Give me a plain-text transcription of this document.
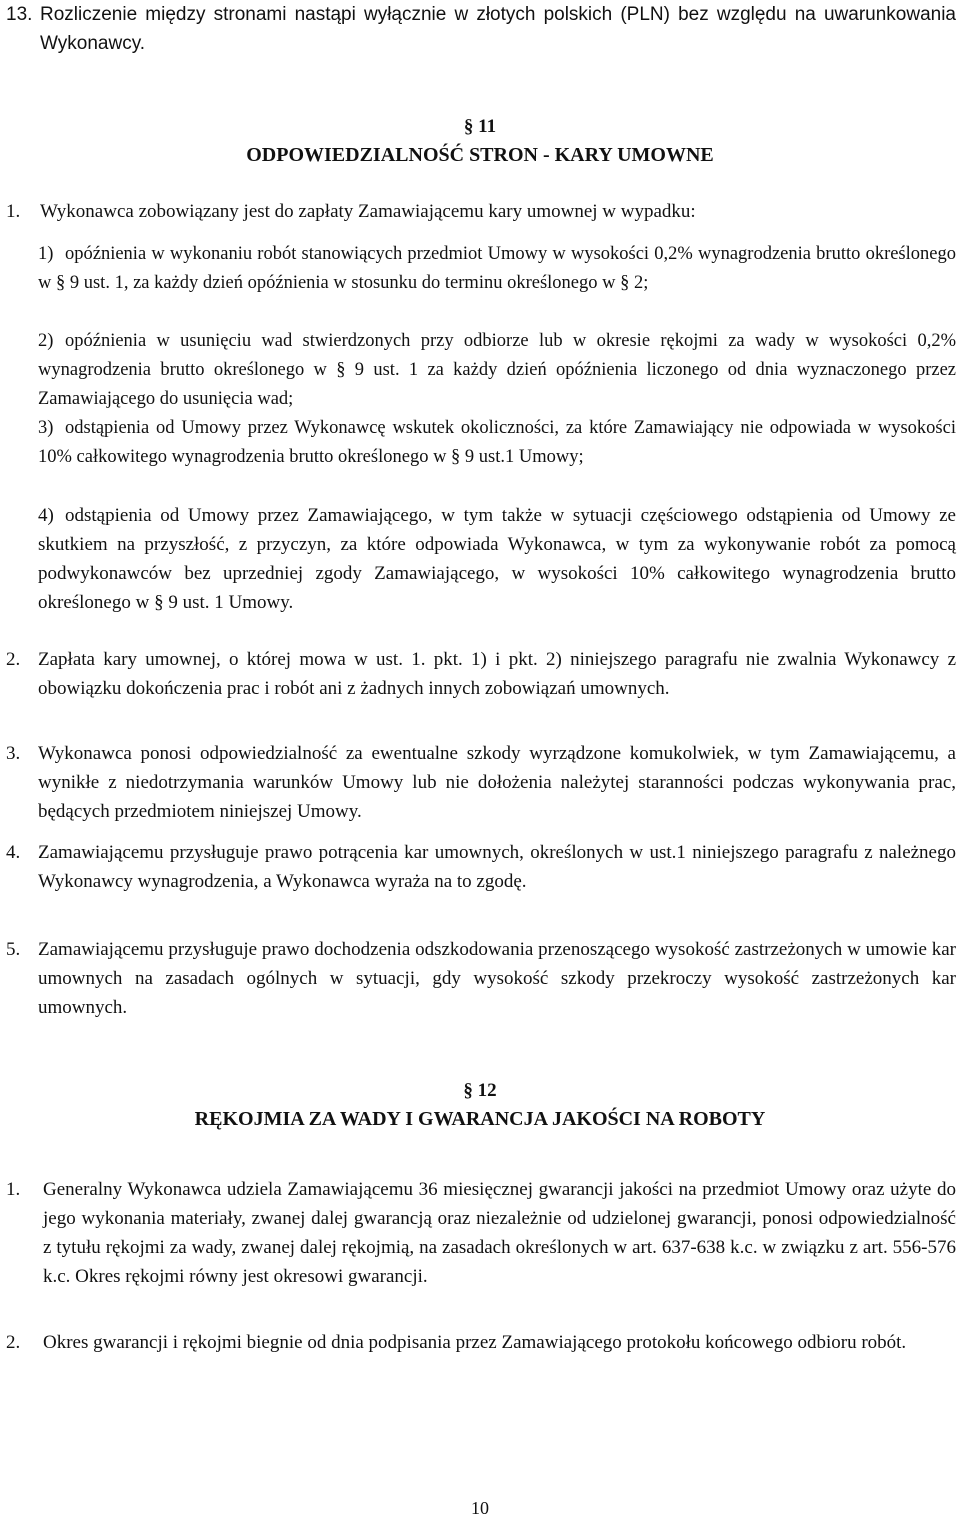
13. Rozliczenie między stronami nastąpi wyłącznie w złotych polskich (PLN) bez względu na uwarunkowania Wykonawcy.

§ 11

ODPOWIEDZIALNOŚĆ STRON - KARY UMOWNE

1.	Wykonawca zobowiązany jest do zapłaty Zamawiającemu kary umownej w wypadku:
1) opóźnienia w wykonaniu robót stanowiących przedmiot Umowy w wysokości 0,2% wynagrodzenia brutto określonego w § 9 ust. 1, za każdy dzień opóźnienia w stosunku do terminu określonego w § 2;
2) opóźnienia w usunięciu wad stwierdzonych przy odbiorze lub w okresie rękojmi za wady w wysokości 0,2% wynagrodzenia brutto określonego w § 9 ust. 1 za każdy dzień opóźnienia liczonego od dnia wyznaczonego przez Zamawiającego do usunięcia wad;
3) odstąpienia od Umowy przez Wykonawcę wskutek okoliczności, za które Zamawiający nie odpowiada w wysokości 10% całkowitego wynagrodzenia brutto określonego w § 9 ust.1 Umowy;
4) odstąpienia od Umowy przez Zamawiającego, w tym także w sytuacji częściowego odstąpienia od Umowy ze skutkiem na przyszłość, z przyczyn, za które odpowiada Wykonawca, w tym za wykonywanie robót za pomocą podwykonawców bez uprzedniej zgody Zamawiającego, w wysokości 10% całkowitego wynagrodzenia brutto określonego w § 9 ust. 1 Umowy.
2. Zapłata kary umownej, o której mowa w ust. 1. pkt. 1) i pkt. 2) niniejszego paragrafu nie zwalnia Wykonawcy z obowiązku dokończenia prac i robót ani z żadnych innych zobowiązań umownych.
3. Wykonawca ponosi odpowiedzialność za ewentualne szkody wyrządzone komukolwiek, w tym Zamawiającemu, a wynikłe z niedotrzymania warunków Umowy lub nie dołożenia należytej staranności podczas wykonywania prac, będących przedmiotem niniejszej Umowy.
4. Zamawiającemu przysługuje prawo potrącenia kar umownych, określonych w ust.1 niniejszego paragrafu z należnego Wykonawcy wynagrodzenia, a Wykonawca wyraża na to zgodę.
5. Zamawiającemu przysługuje prawo dochodzenia odszkodowania przenoszącego wysokość zastrzeżonych w umowie kar umownych na zasadach ogólnych w sytuacji, gdy wysokość szkody przekroczy wysokość zastrzeżonych kar umownych.

§ 12

RĘKOJMIA ZA WADY I GWARANCJA JAKOŚCI NA ROBOTY

1.	Generalny Wykonawca udziela Zamawiającemu 36 miesięcznej gwarancji jakości na przedmiot Umowy oraz użyte do jego wykonania materiały, zwanej dalej gwarancją oraz niezależnie od udzielonej gwarancji, ponosi odpowiedzialność z tytułu rękojmi za wady, zwanej dalej rękojmią, na zasadach określonych w art. 637-638 k.c. w związku z art. 556-576 k.c. Okres rękojmi równy jest okresowi gwarancji.
2.	Okres gwarancji i rękojmi biegnie od dnia podpisania przez Zamawiającego protokołu końcowego odbioru robót.
10
